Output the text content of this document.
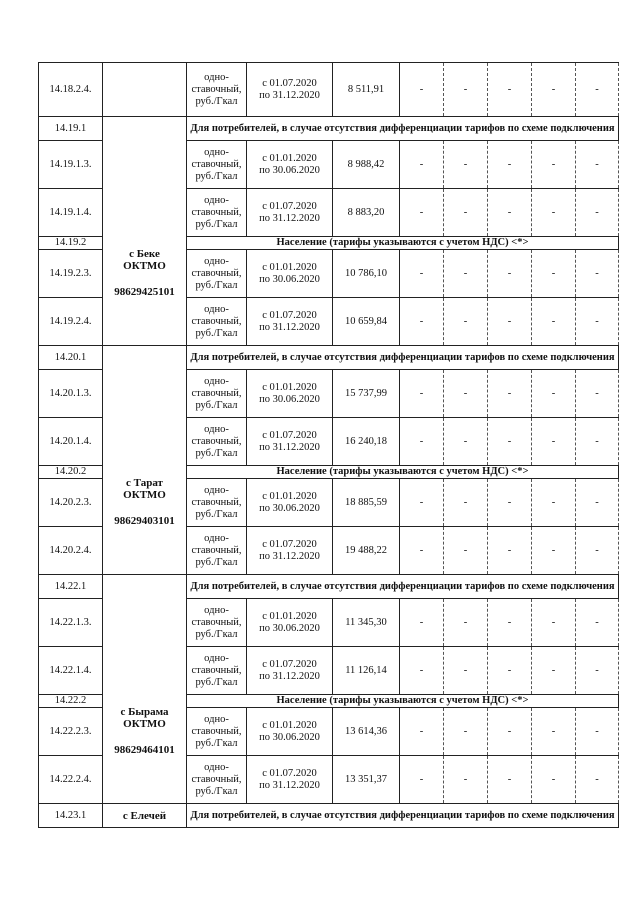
14.18.2.4.		одно-
ставочный,
руб./Гкал	с 01.07.2020
по 31.12.2020	8 511,91	-	-	-	-	-
14.19.1	с Беке
ОКТМО
98629425101	Для потребителей, в случае отсутствия дифференциации тарифов по схеме подключения							
14.19.1.3.		одно-
ставочный,
руб./Гкал	с 01.01.2020
по 30.06.2020	8 988,42	-	-	-	-	-
14.19.1.4.		одно-
ставочный,
руб./Гкал	с 01.07.2020
по 31.12.2020	8 883,20	-	-	-	-	-
14.19.2		Население (тарифы указываются с учетом НДС) <*>							
14.19.2.3.		одно-
ставочный,
руб./Гкал	с 01.01.2020
по 30.06.2020	10 786,10	-	-	-	-	-
14.19.2.4.		одно-
ставочный,
руб./Гкал	с 01.07.2020
по 31.12.2020	10 659,84	-	-	-	-	-
14.20.1	с Тарат
ОКТМО
98629403101	Для потребителей, в случае отсутствия дифференциации тарифов по схеме подключения							
14.20.1.3.		одно-
ставочный,
руб./Гкал	с 01.01.2020
по 30.06.2020	15 737,99	-	-	-	-	-
14.20.1.4.		одно-
ставочный,
руб./Гкал	с 01.07.2020
по 31.12.2020	16 240,18	-	-	-	-	-
14.20.2		Население (тарифы указываются с учетом НДС) <*>							
14.20.2.3.		одно-
ставочный,
руб./Гкал	с 01.01.2020
по 30.06.2020	18 885,59	-	-	-	-	-
14.20.2.4.		одно-
ставочный,
руб./Гкал	с 01.07.2020
по 31.12.2020	19 488,22	-	-	-	-	-
14.22.1	с Бырама
ОКТМО
98629464101	Для потребителей, в случае отсутствия дифференциации тарифов по схеме подключения							
14.22.1.3.		одно-
ставочный,
руб./Гкал	с 01.01.2020
по 30.06.2020	11 345,30	-	-	-	-	-
14.22.1.4.		одно-
ставочный,
руб./Гкал	с 01.07.2020
по 31.12.2020	11 126,14	-	-	-	-	-
14.22.2		Население (тарифы указываются с учетом НДС) <*>							
14.22.2.3.		одно-
ставочный,
руб./Гкал	с 01.01.2020
по 30.06.2020	13 614,36	-	-	-	-	-
14.22.2.4.		одно-
ставочный,
руб./Гкал	с 01.07.2020
по 31.12.2020	13 351,37	-	-	-	-	-
14.23.1	с Елечей	Для потребителей, в случае отсутствия дифференциации тарифов по схеме подключения							
